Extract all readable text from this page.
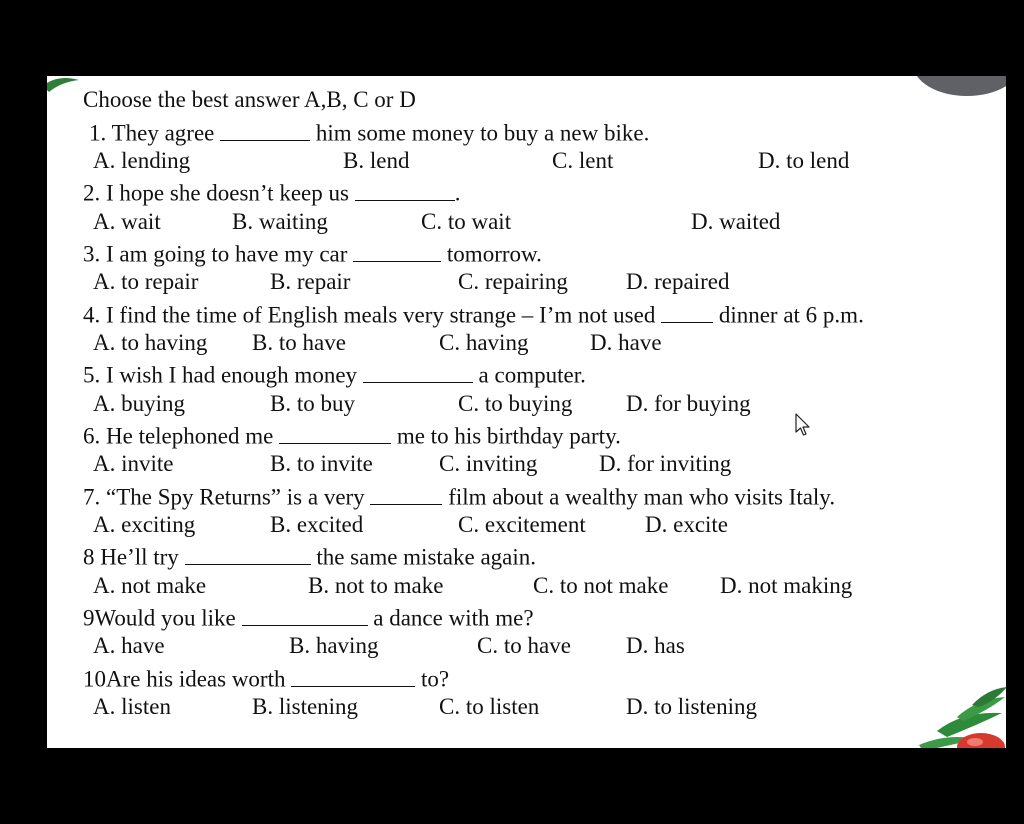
Choose the best answer A,B, C or D
1. They agree	him some money to buy a new bike.
A. lending	B. lend	C. lent	D. to lend
2. I hope she doesn’t keep us	.
A. wait	B. waiting	C. to wait	D. waited
3. I am going to have my car	tomorrow.
A. to repair	B. repair	C. repairing	D. repaired
4. I find the time of English meals very strange – I’m not used	dinner at 6 p.m.
A. to having B. to have	C. having	D. have
5. I wish I had enough money	a computer.
A. buying	B. to buy	C. to buying D. for buying
6. He telephoned me	me to his birthday party.
A. invite	B. to invite	C. inviting	D. for inviting
7. “The Spy Returns” is a very	film about a wealthy man who visits Italy.
A. exciting	B. excited	C. excitement	D. excite
8 He’ll try	the same mistake again.
A. not make	B. not to make	C. to not make D. not making
9Would you like	a dance with me?
A. have	B. having	C. to have D. has
10Are his ideas worth	to?
A. listen	B. listening	C. to listen	D. to listening
